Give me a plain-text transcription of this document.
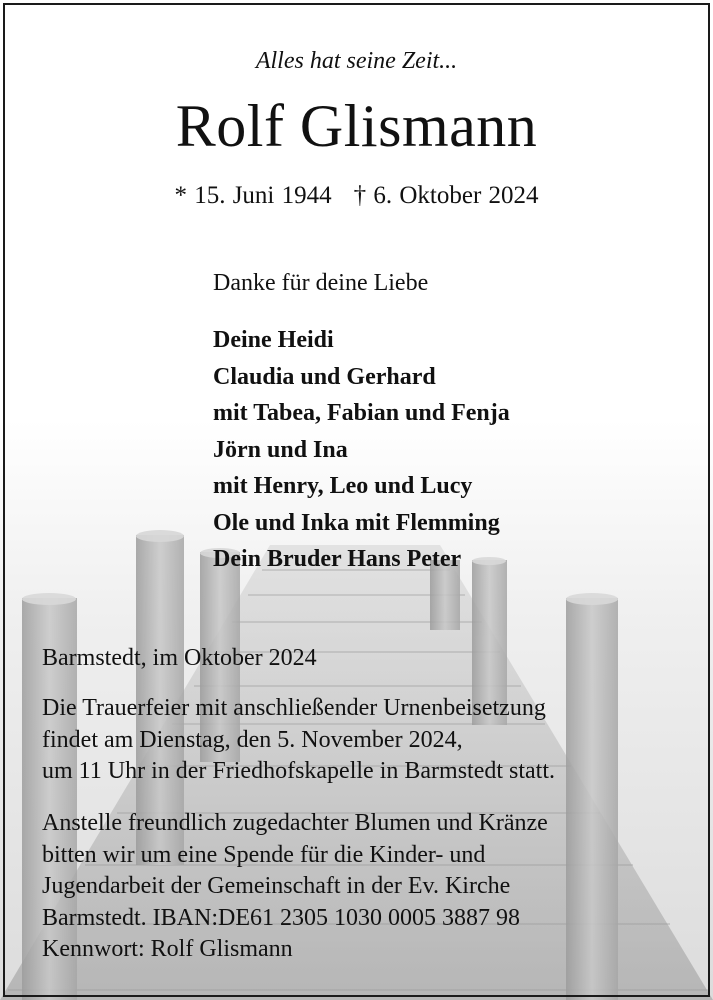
Alles hat seine Zeit...
Rolf Glismann
* 15. Juni 1944 † 6. Oktober 2024
Danke für deine Liebe
Deine Heidi
Claudia und Gerhard
mit Tabea, Fabian und Fenja
Jörn und Ina
mit Henry, Leo und Lucy
Ole und Inka mit Flemming
Dein Bruder Hans Peter
Barmstedt, im Oktober 2024

Die Trauerfeier mit anschließender Urnenbeisetzung
findet am Dienstag, den 5. November 2024,
um 11 Uhr in der Friedhofskapelle in Barmstedt statt.

Anstelle freundlich zugedachter Blumen und Kränze
bitten wir um eine Spende für die Kinder- und
Jugendarbeit der Gemeinschaft in der Ev. Kirche
Barmstedt. IBAN:DE61 2305 1030 0005 3887 98
Kennwort: Rolf Glismann
